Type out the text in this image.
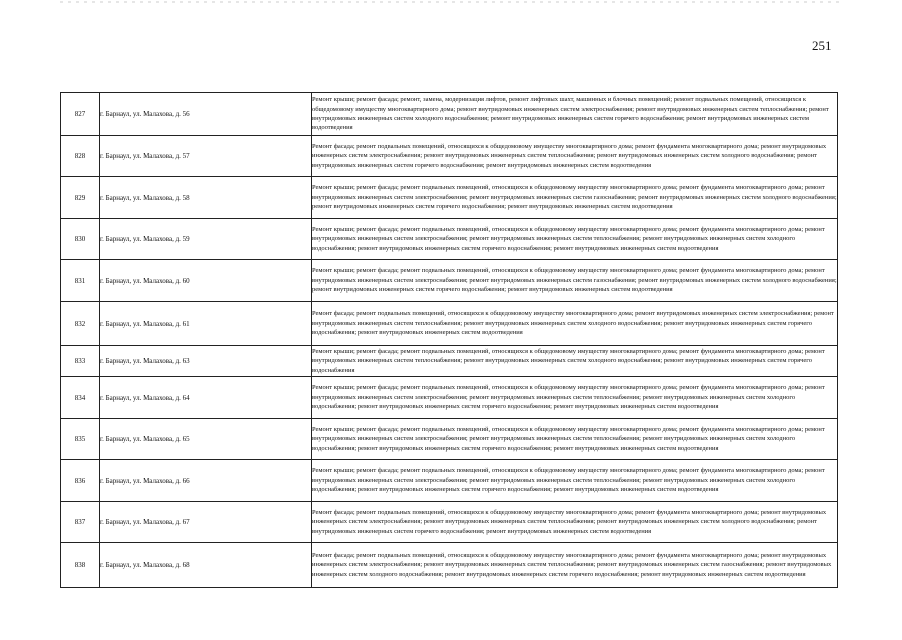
251
827	г. Барнаул, ул. Малахова, д. 56	Ремонт крыши; ремонт фасада; ремонт, замена, модернизация лифтов, ремонт лифтовых шахт, машинных и блочных помещений; ремонт подвальных помещений, относящихся к общедомовому имуществу многоквартирного дома; ремонт внутридомовых инженерных систем электроснабжения; ремонт внутридомовых инженерных систем теплоснабжения; ремонт внутридомовых инженерных систем холодного водоснабжения; ремонт внутридомовых инженерных систем горячего водоснабжения; ремонт внутридомовых инженерных систем водоотведения
828	г. Барнаул, ул. Малахова, д. 57	Ремонт фасада; ремонт подвальных помещений, относящихся к общедомовому имуществу многоквартирного дома; ремонт фундамента многоквартирного дома; ремонт внутридомовых инженерных систем электроснабжения; ремонт внутридомовых инженерных систем теплоснабжения; ремонт внутридомовых инженерных систем холодного водоснабжения; ремонт внутридомовых инженерных систем горячего водоснабжения; ремонт внутридомовых инженерных систем водоотведения
829	г. Барнаул, ул. Малахова, д. 58	Ремонт крыши; ремонт фасада; ремонт подвальных помещений, относящихся к общедомовому имуществу многоквартирного дома; ремонт фундамента многоквартирного дома; ремонт внутридомовых инженерных систем электроснабжения; ремонт внутридомовых инженерных систем газоснабжения; ремонт внутридомовых инженерных систем холодного водоснабжения; ремонт внутридомовых инженерных систем горячего водоснабжения; ремонт внутридомовых инженерных систем водоотведения
830	г. Барнаул, ул. Малахова, д. 59	Ремонт крыши; ремонт фасада; ремонт подвальных помещений, относящихся к общедомовому имуществу многоквартирного дома; ремонт фундамента многоквартирного дома; ремонт внутридомовых инженерных систем электроснабжения; ремонт внутридомовых инженерных систем теплоснабжения; ремонт внутридомовых инженерных систем холодного водоснабжения; ремонт внутридомовых инженерных систем горячего водоснабжения; ремонт внутридомовых инженерных систем водоотведения
831	г. Барнаул, ул. Малахова, д. 60	Ремонт крыши; ремонт фасада; ремонт подвальных помещений, относящихся к общедомовому имуществу многоквартирного дома; ремонт фундамента многоквартирного дома; ремонт внутридомовых инженерных систем электроснабжения; ремонт внутридомовых инженерных систем газоснабжения; ремонт внутридомовых инженерных систем холодного водоснабжения; ремонт внутридомовых инженерных систем горячего водоснабжения; ремонт внутридомовых инженерных систем водоотведения
832	г. Барнаул, ул. Малахова, д. 61	Ремонт фасада; ремонт подвальных помещений, относящихся к общедомовому имуществу многоквартирного дома; ремонт внутридомовых инженерных систем электроснабжения; ремонт внутридомовых инженерных систем теплоснабжения; ремонт внутридомовых инженерных систем холодного водоснабжения; ремонт внутридомовых инженерных систем горячего водоснабжения; ремонт внутридомовых инженерных систем водоотведения
833	г. Барнаул, ул. Малахова, д. 63	Ремонт крыши; ремонт фасада; ремонт подвальных помещений, относящихся к общедомовому имуществу многоквартирного дома; ремонт фундамента многоквартирного дома; ремонт внутридомовых инженерных систем теплоснабжения; ремонт внутридомовых инженерных систем холодного водоснабжения; ремонт внутридомовых инженерных систем горячего водоснабжения
834	г. Барнаул, ул. Малахова, д. 64	Ремонт крыши; ремонт фасада; ремонт подвальных помещений, относящихся к общедомовому имуществу многоквартирного дома; ремонт фундамента многоквартирного дома; ремонт внутридомовых инженерных систем электроснабжения; ремонт внутридомовых инженерных систем теплоснабжения; ремонт внутридомовых инженерных систем холодного водоснабжения; ремонт внутридомовых инженерных систем горячего водоснабжения; ремонт внутридомовых инженерных систем водоотведения
835	г. Барнаул, ул. Малахова, д. 65	Ремонт крыши; ремонт фасада; ремонт подвальных помещений, относящихся к общедомовому имуществу многоквартирного дома; ремонт фундамента многоквартирного дома; ремонт внутридомовых инженерных систем электроснабжения; ремонт внутридомовых инженерных систем теплоснабжения; ремонт внутридомовых инженерных систем холодного водоснабжения; ремонт внутридомовых инженерных систем горячего водоснабжения; ремонт внутридомовых инженерных систем водоотведения
836	г. Барнаул, ул. Малахова, д. 66	Ремонт крыши; ремонт фасада; ремонт подвальных помещений, относящихся к общедомовому имуществу многоквартирного дома; ремонт фундамента многоквартирного дома; ремонт внутридомовых инженерных систем электроснабжения; ремонт внутридомовых инженерных систем теплоснабжения; ремонт внутридомовых инженерных систем холодного водоснабжения; ремонт внутридомовых инженерных систем горячего водоснабжения; ремонт внутридомовых инженерных систем водоотведения
837	г. Барнаул, ул. Малахова, д. 67	Ремонт фасада; ремонт подвальных помещений, относящихся к общедомовому имуществу многоквартирного дома; ремонт фундамента многоквартирного дома; ремонт внутридомовых инженерных систем электроснабжения; ремонт внутридомовых инженерных систем теплоснабжения; ремонт внутридомовых инженерных систем холодного водоснабжения; ремонт внутридомовых инженерных систем горячего водоснабжения; ремонт внутридомовых инженерных систем водоотведения
838	г. Барнаул, ул. Малахова, д. 68	Ремонт фасада; ремонт подвальных помещений, относящихся к общедомовому имуществу многоквартирного дома; ремонт фундамента многоквартирного дома; ремонт внутридомовых инженерных систем электроснабжения; ремонт внутридомовых инженерных систем теплоснабжения; ремонт внутридомовых инженерных систем газоснабжения; ремонт внутридомовых инженерных систем холодного водоснабжения; ремонт внутридомовых инженерных систем горячего водоснабжения; ремонт внутридомовых инженерных систем водоотведения
